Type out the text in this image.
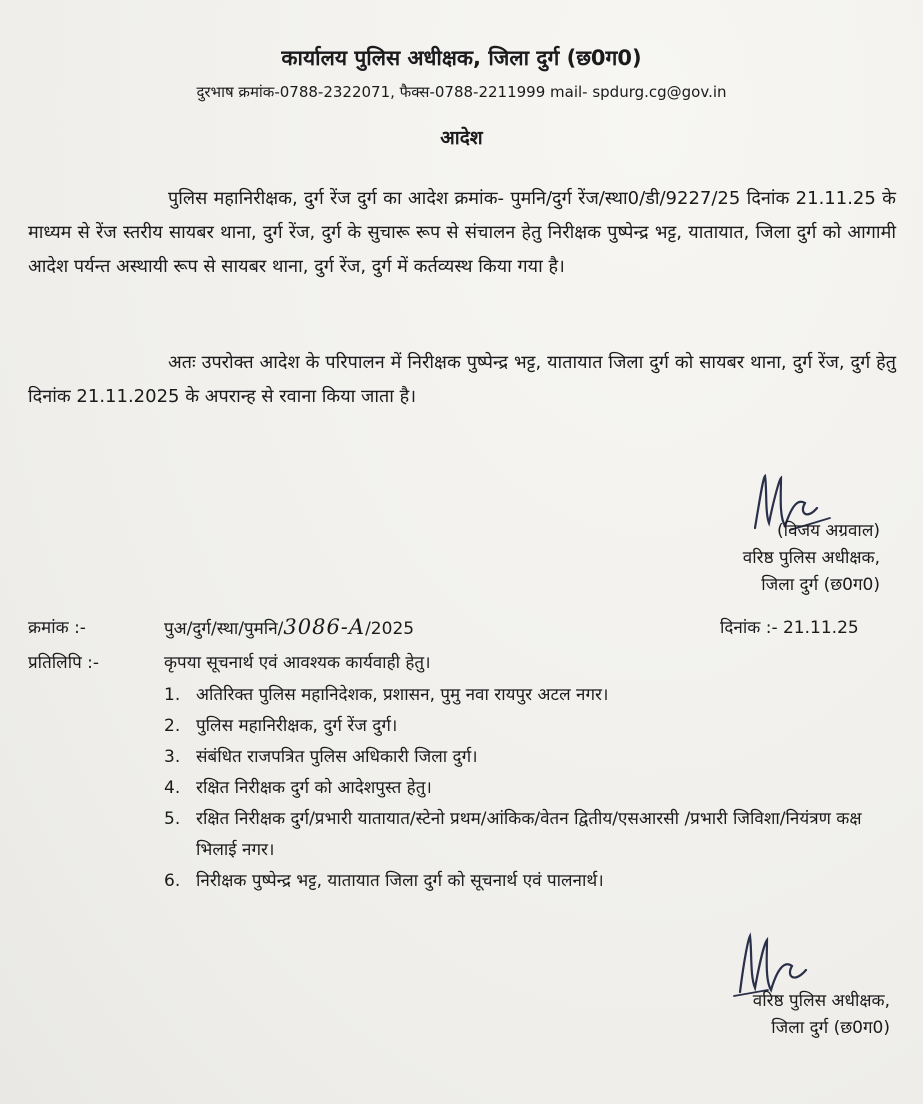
कार्यालय पुलिस अधीक्षक, जिला दुर्ग (छ0ग0)
दुरभाष क्रमांक-0788-2322071, फैक्स-0788-2211999 mail- spdurg.cg@gov.in
आदेश
पुलिस महानिरीक्षक, दुर्ग रेंज दुर्ग का आदेश क्रमांक- पुमनि/दुर्ग रेंज/स्था0/डी/9227/25 दिनांक 21.11.25 के माध्यम से रेंज स्तरीय सायबर थाना, दुर्ग रेंज, दुर्ग के सुचारू रूप से संचालन हेतु निरीक्षक पुष्पेन्द्र भट्ट, यातायात, जिला दुर्ग को आगामी आदेश पर्यन्त अस्थायी रूप से सायबर थाना, दुर्ग रेंज, दुर्ग में कर्तव्यस्थ किया गया है।
अतः उपरोक्त आदेश के परिपालन में निरीक्षक पुष्पेन्द्र भट्ट, यातायात जिला दुर्ग को सायबर थाना, दुर्ग रेंज, दुर्ग हेतु दिनांक 21.11.2025 के अपरान्ह से रवाना किया जाता है।
(विजय अग्रवाल)
वरिष्ठ पुलिस अधीक्षक,
जिला दुर्ग (छ0ग0)
क्रमांक :-	पुअ/दुर्ग/स्था/पुमनि/3086-A/2025	दिनांक :- 21.11.25
प्रतिलिपि :-	कृपया सूचनार्थ एवं आवश्यक कार्यवाही हेतु।
1. अतिरिक्त पुलिस महानिदेशक, प्रशासन, पुमु नवा रायपुर अटल नगर।
2. पुलिस महानिरीक्षक, दुर्ग रेंज दुर्ग।
3. संबंधित राजपत्रित पुलिस अधिकारी जिला दुर्ग।
4. रक्षित निरीक्षक दुर्ग को आदेशपुस्त हेतु।
5. रक्षित निरीक्षक दुर्ग/प्रभारी यातायात/स्टेनो प्रथम/आंकिक/वेतन द्वितीय/एसआरसी /प्रभारी जिविशा/नियंत्रण कक्ष भिलाई नगर।
6. निरीक्षक पुष्पेन्द्र भट्ट, यातायात जिला दुर्ग को सूचनार्थ एवं पालनार्थ।
वरिष्ठ पुलिस अधीक्षक,
जिला दुर्ग (छ0ग0)
